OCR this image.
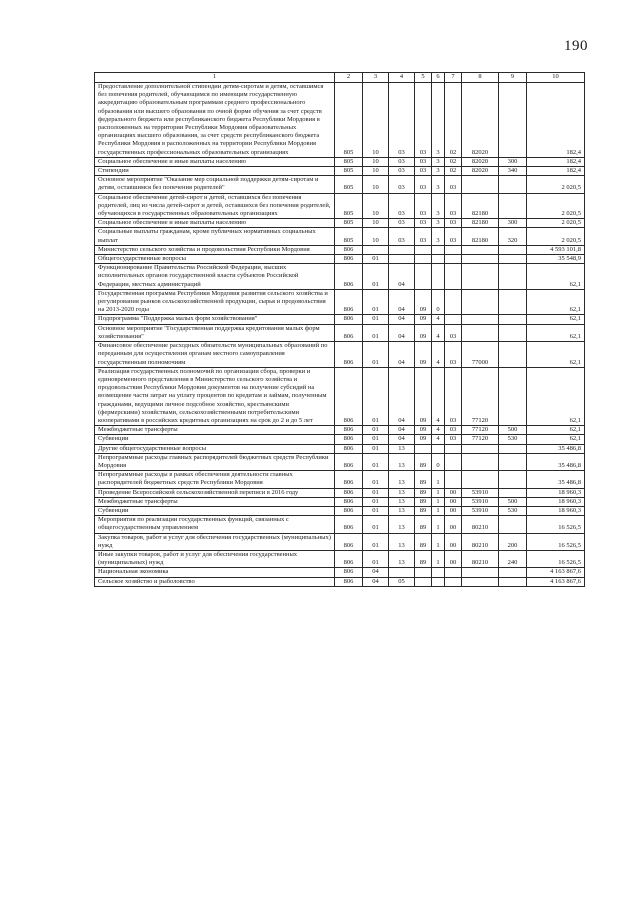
190
1	2	3	4	5	6	7	8	9	10
Предоставление дополнительной стипендии детям-сиротам и детям, оставшимся без попечения родителей, обучающимся по имеющим государственную аккредитацию образовательным программам среднего профессионального образования или высшего образования по очной форме обучения за счет средств федерального бюджета или республиканского бюджета Республики Мордовия в расположенных на территории Республики Мордовия образовательных организациях высшего образования, за счет средств республиканского бюджета Республики Мордовия в расположенных на территории Республики Мордовия государственных профессиональных образовательных организациях	805	10	03	03	3	02	82020		182,4
Социальное обеспечение и иные выплаты населению	805	10	03	03	3	02	82020	300	182,4
Стипендии	805	10	03	03	3	02	82020	340	182,4
Основное мероприятие "Оказание мер социальной поддержки детям-сиротам и детям, оставшимся без попечения родителей"	805	10	03	03	3	03			2 020,5
Социальное обеспечение детей-сирот и детей, оставшихся без попечения родителей, лиц из числа детей-сирот и детей, оставшихся без попечения родителей, обучающихся в государственных образовательных организациях	805	10	03	03	3	03	82180		2 020,5
Социальное обеспечение и иные выплаты населению	805	10	03	03	3	03	82180	300	2 020,5
Социальные выплаты гражданам, кроме публичных нормативных социальных выплат	805	10	03	03	3	03	82180	320	2 020,5
Министерство сельского хозяйства и продовольствия Республики Мордовия	806								4 593 101,8
Общегосударственные вопросы	806	01							35 548,9
Функционирование Правительства Российской Федерации, высших исполнительных органов государственной власти субъектов Российской Федерации, местных администраций	806	01	04						62,1
Государственная программа Республики Мордовия развития сельского хозяйства и регулирования рынков сельскохозяйственной продукции, сырья и продовольствия на 2013-2020 годы	806	01	04	09	0				62,1
Подпрограмма "Поддержка малых форм хозяйствования"	806	01	04	09	4				62,1
Основное мероприятие "Государственная поддержка кредитования малых форм хозяйствования"	806	01	04	09	4	03			62,1
Финансовое обеспечение расходных обязательств муниципальных образований по переданным для осуществления органам местного самоуправления государственным полномочиям	806	01	04	09	4	03	77000		62,1
Реализация государственных полномочий по организации сбора, проверки и единовременного представления в Министерство сельского хозяйства и продовольствия Республики Мордовия документов на получение субсидий на возмещение части затрат на уплату процентов по кредитам и займам, полученным гражданами, ведущими личное подсобное хозяйство, крестьянскими (фермерскими) хозяйствами, сельскохозяйственными потребительскими кооперативами в российских кредитных организациях на срок до 2 и до 5 лет	806	01	04	09	4	03	77120		62,1
Межбюджетные трансферты	806	01	04	09	4	03	77120	500	62,1
Субвенции	806	01	04	09	4	03	77120	530	62,1
Другие общегосударственные вопросы	806	01	13						35 486,8
Непрограммные расходы главных распорядителей бюджетных средств Республики Мордовия	806	01	13	89	0				35 486,8
Непрограммные расходы в рамках обеспечения деятельности главных распорядителей бюджетных средств Республики Мордовия	806	01	13	89	1				35 486,8
Проведение Всероссийской сельскохозяйственной переписи в 2016 году	806	01	13	89	1	00	53910		18 960,3
Межбюджетные трансферты	806	01	13	89	1	00	53910	500	18 960,3
Субвенции	806	01	13	89	1	00	53910	530	18 960,3
Мероприятия по реализации государственных функций, связанных с общегосударственным управлением	806	01	13	89	1	00	80210		16 526,5
Закупка товаров, работ и услуг для обеспечения государственных (муниципальных) нужд	806	01	13	89	1	00	80210	200	16 526,5
Иные закупки товаров, работ и услуг для обеспечения государственных (муниципальных) нужд	806	01	13	89	1	00	80210	240	16 526,5
Национальная экономика	806	04							4 163 867,6
Сельское хозяйство и рыболовство	806	04	05						4 163 867,6
